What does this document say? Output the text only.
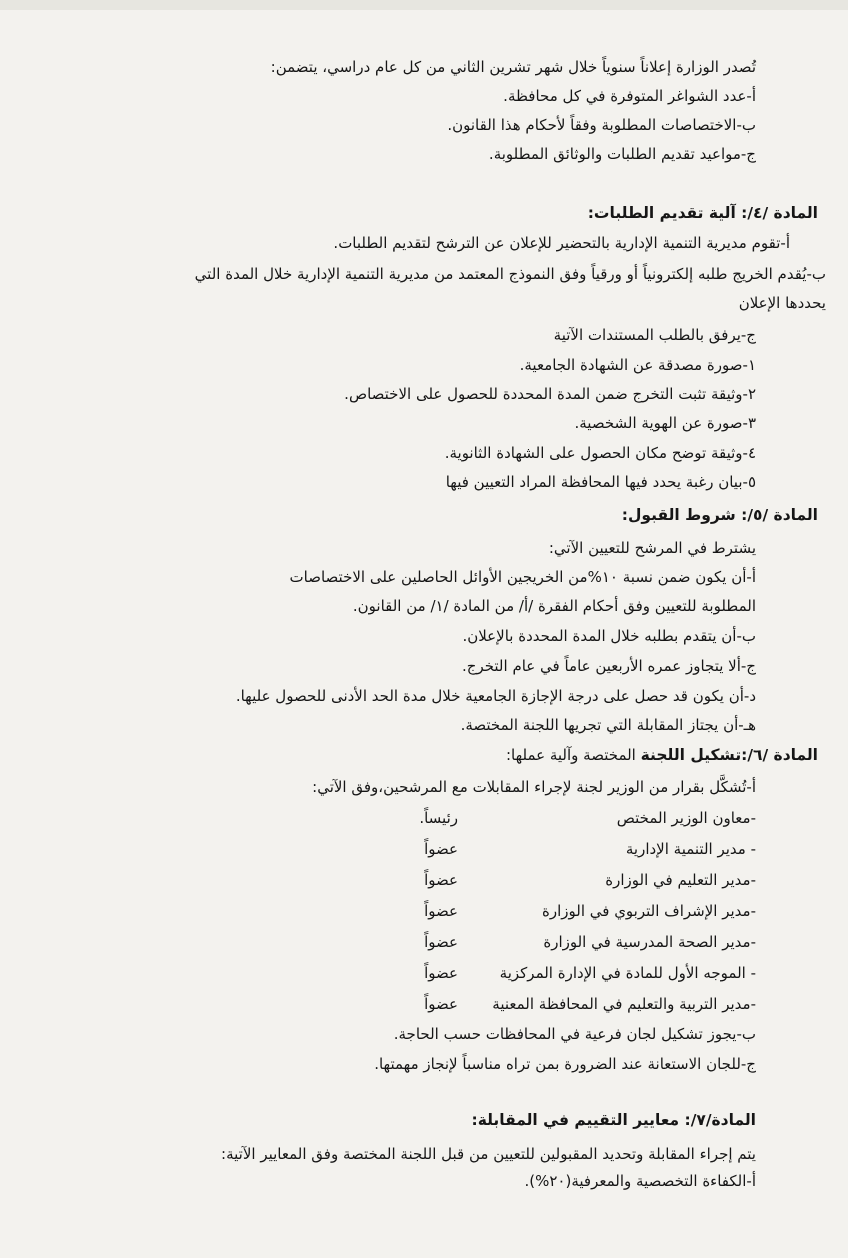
تُصدر الوزارة إعلاناً سنوياً خلال شهر تشرين الثاني من كل عام دراسي، يتضمن:
أ-عدد الشواغر المتوفرة في كل محافظة.
ب-الاختصاصات المطلوبة وفقاً لأحكام هذا القانون.
ج-مواعيد تقديم الطلبات والوثائق المطلوبة.
المادة /٤/: آلية تقديم الطلبات:
أ-تقوم مديرية التنمية الإدارية بالتحضير للإعلان عن الترشح لتقديم الطلبات.
ب-يُقدم الخريج طلبه إلكترونياً أو ورقياً وفق النموذج المعتمد من مديرية التنمية الإدارية خلال المدة التي
يحددها الإعلان
ج-يرفق بالطلب المستندات الآتية
١-صورة مصدقة عن الشهادة الجامعية.
٢-وثيقة تثبت التخرج ضمن المدة المحددة للحصول على الاختصاص.
٣-صورة عن الهوية الشخصية.
٤-وثيقة توضح مكان الحصول على الشهادة الثانوية.
٥-بيان رغبة يحدد فيها المحافظة المراد التعيين فيها
المادة /٥/: شروط القبول:
يشترط في المرشح للتعيين الآتي:
أ-أن يكون ضمن نسبة ١٠%من الخريجين الأوائل الحاصلين على الاختصاصات
المطلوبة للتعيين وفق أحكام الفقرة /أ/ من المادة /١/ من القانون.
ب-أن يتقدم بطلبه خلال المدة المحددة بالإعلان.
ج-ألا يتجاوز عمره الأربعين عاماً في عام التخرج.
د-أن يكون قد حصل على درجة الإجازة الجامعية خلال مدة الحد الأدنى للحصول عليها.
هـ-أن يجتاز المقابلة التي تجريها اللجنة المختصة.
المادة /٦/:تشكيل اللجنة المختصة وآلية عملها:
أ-تُشكَّل بقرار من الوزير لجنة لإجراء المقابلات مع المرشحين،وفق الآتي:
-معاون الوزير المختص
رئيساً.
- مدير التنمية الإدارية
عضواً
-مدير التعليم في الوزارة
عضواً
-مدير الإشراف التربوي في الوزارة
عضواً
-مدير الصحة المدرسية في الوزارة
عضواً
- الموجه الأول للمادة في الإدارة المركزية
عضواً
-مدير التربية والتعليم في المحافظة المعنية
عضواً
ب-يجوز تشكيل لجان فرعية في المحافظات حسب الحاجة.
ج-للجان الاستعانة عند الضرورة بمن تراه مناسباً لإنجاز مهمتها.
المادة/٧/: معايير التقييم في المقابلة:
يتم إجراء المقابلة وتحديد المقبولين للتعيين من قبل اللجنة المختصة وفق المعايير الآتية:
أ-الكفاءة التخصصية والمعرفية(٢٠%).
